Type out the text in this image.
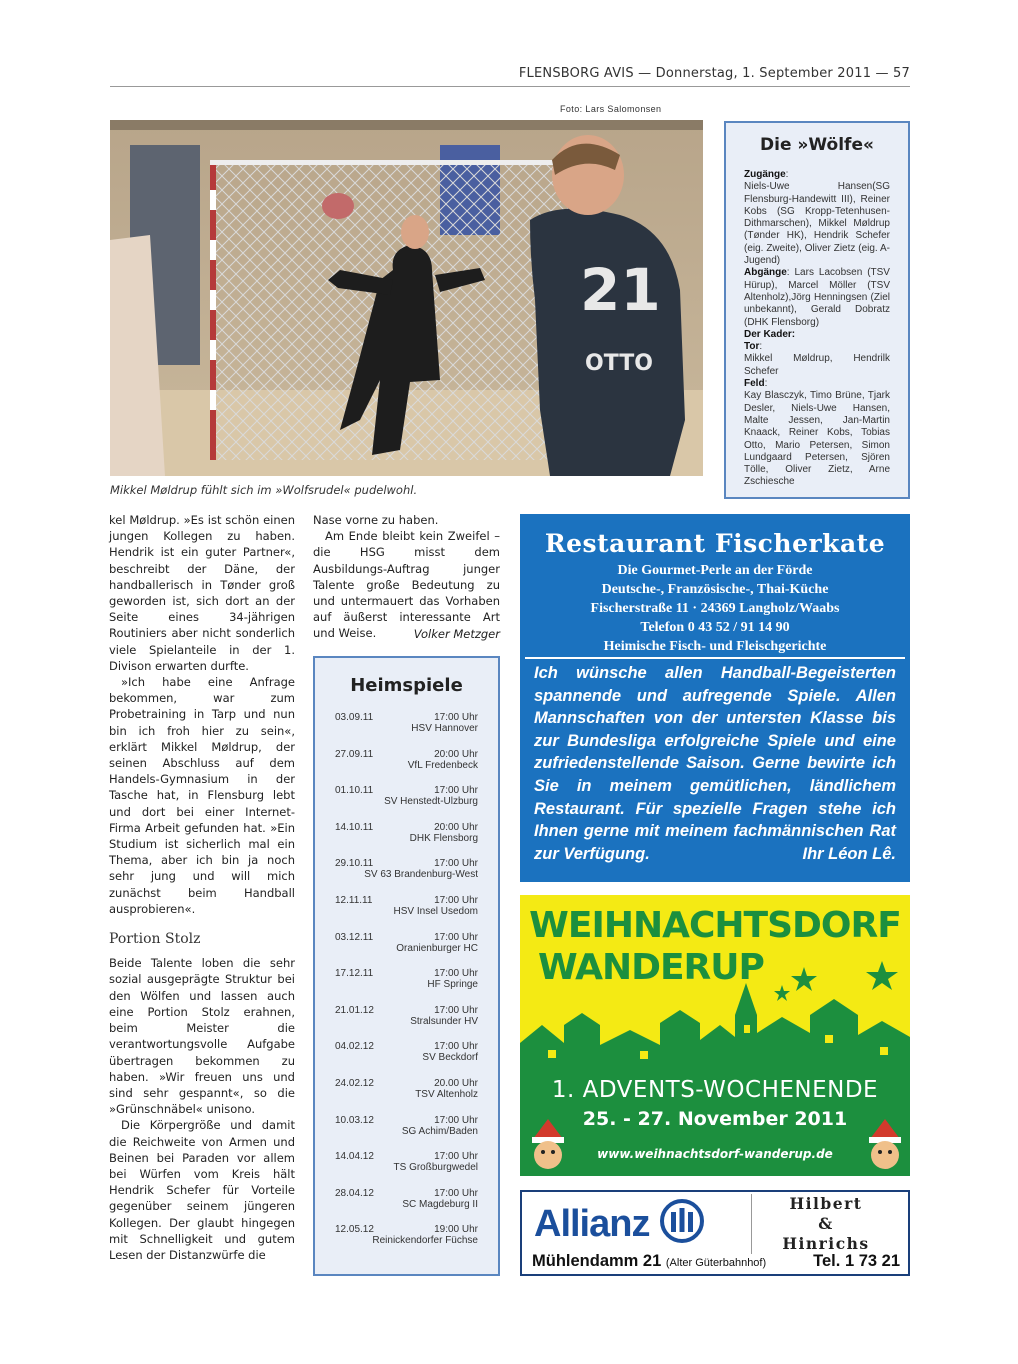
FLENSBORG AVIS — Donnerstag, 1. September 2011 — 57
Foto: Lars Salomonsen
21
OTTO
Mikkel Møldrup fühlt sich im »Wolfsrudel« pudelwohl.

kel Møldrup. »Es ist schön einen jungen Kollegen zu haben. Hendrik ist ein guter Partner«, beschreibt der Däne, der handballerisch in Tønder groß geworden ist, sich dort an der Seite eines 34-jährigen Routiniers aber nicht sonderlich viele Spielanteile in der 1. Divison erwarten durfte.

»Ich habe eine Anfrage bekommen, war zum Probetraining in Tarp und nun bin ich froh hier zu sein«, erklärt Mikkel Møldrup, der seinen Abschluss auf dem Handels-Gymnasium in der Tasche hat, in Flensburg lebt und dort bei einer Internet-Firma Arbeit gefunden hat. »Ein Studium ist sicherlich mal ein Thema, aber ich bin ja noch sehr jung und will mich zunächst beim Handball ausprobieren«.

Portion Stolz

Beide Talente loben die sehr sozial ausgeprägte Struktur bei den Wölfen und lassen auch eine Portion Stolz erahnen, beim Meister die verantwortungsvolle Aufgabe übertragen bekommen zu haben. »Wir freuen uns und sind sehr gespannt«, so die »Grünschnäbel« unisono.

Die Körpergröße und damit die Reichweite von Armen und Beinen bei Paraden vor allem bei Würfen vom Kreis hält Hendrik Schefer für Vorteile gegenüber seinem jüngeren Kollegen. Der glaubt hingegen mit Schnelligkeit und gutem Lesen der Distanzwürfe die

Nase vorne zu haben.

Am Ende bleibt kein Zweifel – die HSG misst dem Ausbildungs-Auftrag junger Talente große Bedeutung zu und untermauert das Vorhaben auf äußerst interessante Art und Weise.	Volker Metzger

Die »Wölfe«
Zugänge:
Niels-Uwe Hansen(SG Flensburg-Handewitt III), Reiner Kobs (SG Kropp-Tetenhusen-Dithmarschen), Mikkel Møldrup (Tønder HK), Hendrik Schefer (eig. Zweite), Oliver Zietz (eig. A-Jugend)
Abgänge: Lars Lacobsen (TSV Hürup), Marcel Möller (TSV Altenholz),Jörg Henningsen (Ziel unbekannt), Gerald Dobratz (DHK Flensborg)
Der Kader:
Tor:
Mikkel Møldrup, Hendrilk Schefer
Feld:
Kay Blasczyk, Timo Brüne, Tjark Desler, Niels-Uwe Hansen, Malte Jessen, Jan-Martin Knaack, Reiner Kobs, Tobias Otto, Mario Petersen, Simon Lundgaard Petersen, Sjören Tölle, Oliver Zietz, Arne Zschiesche
Heimspiele
03.09.11	17:00 Uhr
HSV Hannover
27.09.11	20:00 Uhr
VfL Fredenbeck
01.10.11	17:00 Uhr
SV Henstedt-Ulzburg
14.10.11	20:00 Uhr
DHK Flensborg
29.10.11	17:00 Uhr
SV 63 Brandenburg-West
12.11.11	17:00 Uhr
HSV Insel Usedom
03.12.11	17:00 Uhr
Oranienburger HC
17.12.11	17:00 Uhr
HF Springe
21.01.12	17:00 Uhr
Stralsunder HV
04.02.12	17:00 Uhr
SV Beckdorf
24.02.12	20.00 Uhr
TSV Altenholz
10.03.12	17:00 Uhr
SG Achim/Baden
14.04.12	17:00 Uhr
TS Großburgwedel
28.04.12	17:00 Uhr
SC Magdeburg II
12.05.12	19:00 Uhr
Reinickendorfer Füchse
Restaurant Fischerkate
Die Gourmet-Perle an der Förde
Deutsche-, Französische-, Thai-Küche
Fischerstraße 11 · 24369 Langholz/Waabs
Telefon 0 43 52 / 91 14 90
Heimische Fisch- und Fleischgerichte
Ich wünsche allen Handball-Begeisterten spannende und aufregende Spiele. Allen Mannschaften von der untersten Klasse bis zur Bundesliga erfolgreiche Spiele und eine zufriedenstellende Saison. Gerne bewirte ich Sie in meinem gemütlichen, ländlichem Restaurant. Für spezielle Fragen stehe ich Ihnen gerne mit meinem fachmännischen Rat zur Verfügung.	Ihr Léon Lê.
WEIHNACHTSDORF
WANDERUP
1. ADVENTS-WOCHENENDE
25. - 27. November 2011
www.weihnachtsdorf-wanderup.de
Allianz	Hilbert
&
Hinrichs
Mühlendamm 21 (Alter Güterbahnhof)	Tel. 1 73 21
